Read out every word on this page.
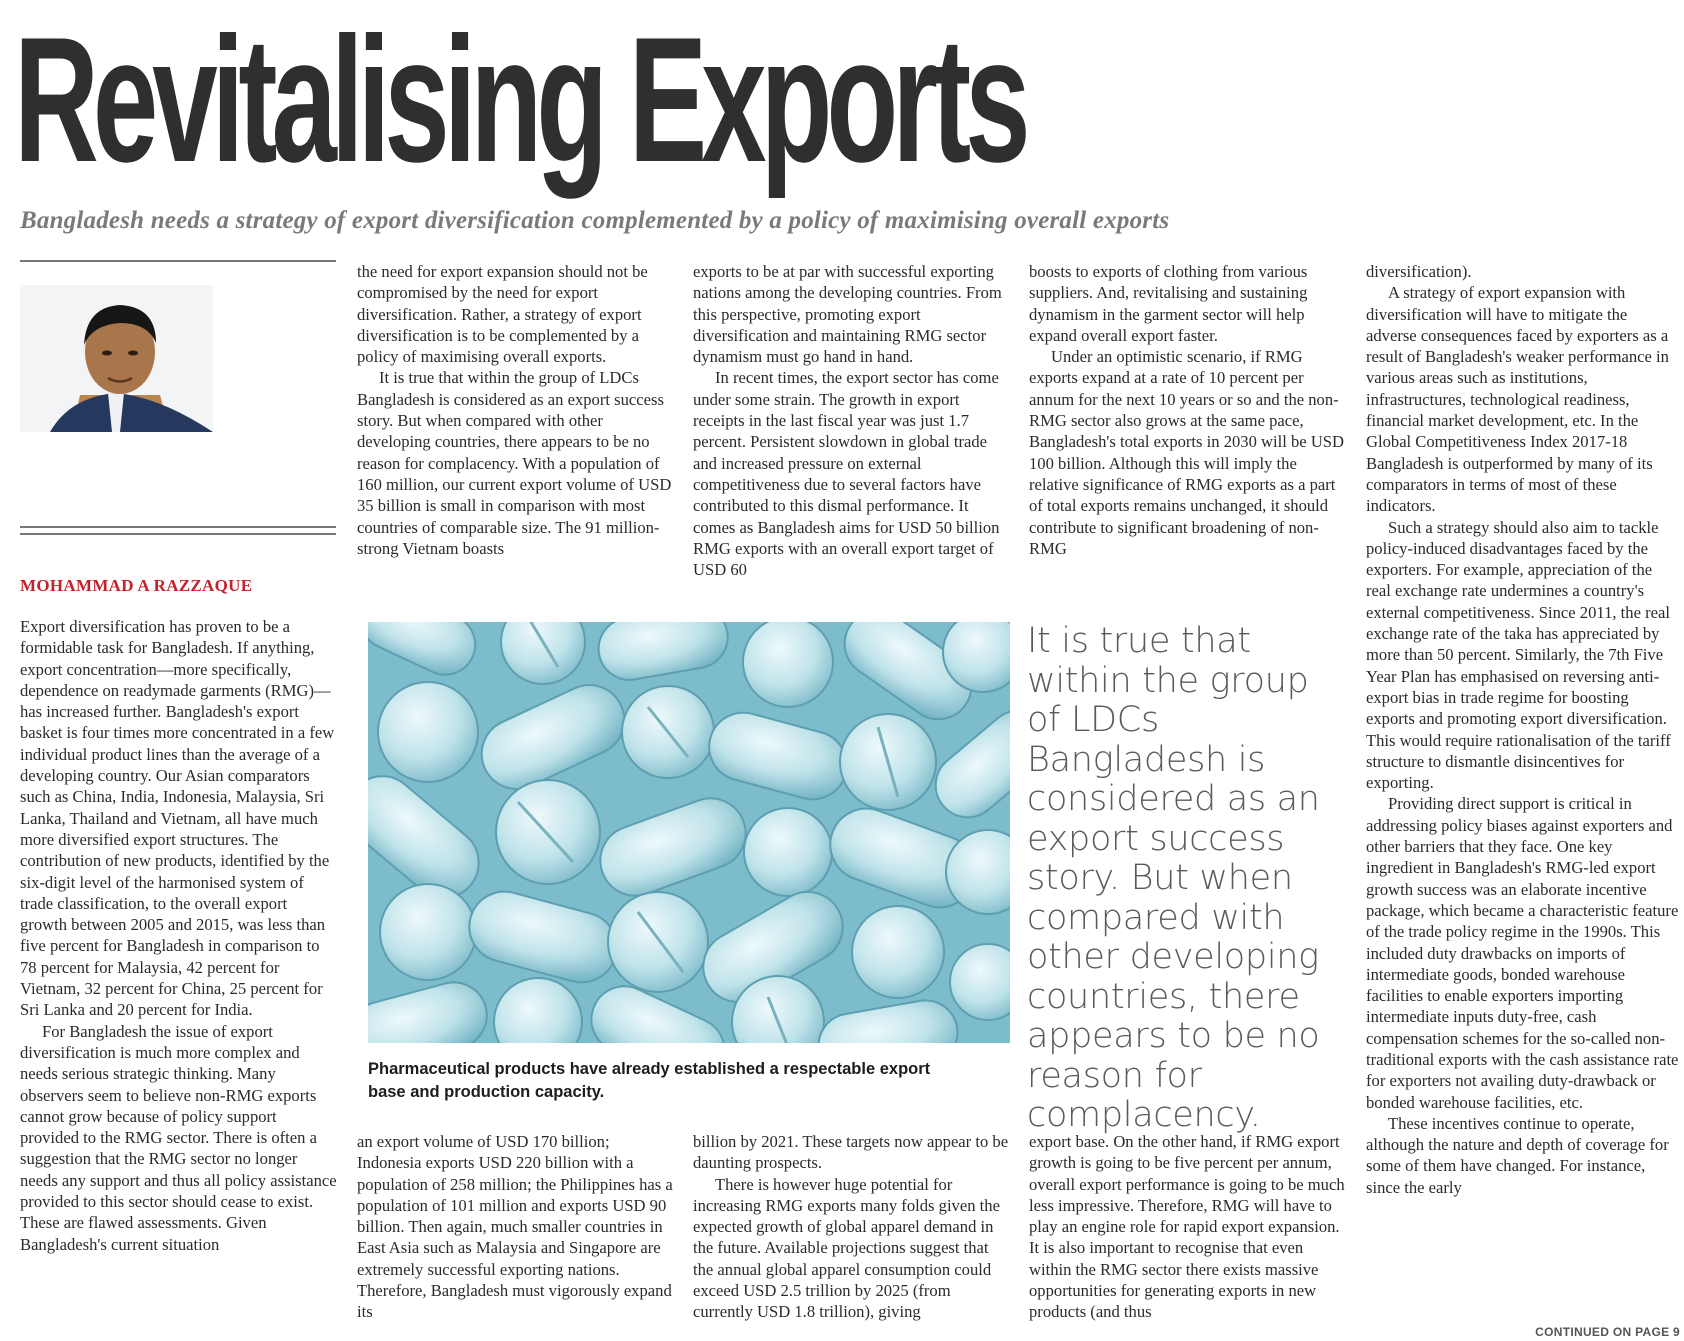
Revitalising Exports
Bangladesh needs a strategy of export diversification complemented by a policy of maximising overall exports
MOHAMMAD A RAZZAQUE

Export diversification has proven to be a formidable task for Bangladesh. If anything, export concentration—more specifically, dependence on readymade garments (RMG)—has increased further. Bangladesh's export basket is four times more concentrated in a few individual product lines than the average of a developing country. Our Asian comparators such as China, India, Indonesia, Malaysia, Sri Lanka, Thailand and Vietnam, all have much more diversified export structures. The contribution of new products, identified by the six-digit level of the harmonised system of trade classification, to the overall export growth between 2005 and 2015, was less than five percent for Bangladesh in comparison to 78 percent for Malaysia, 42 percent for Vietnam, 32 percent for China, 25 percent for Sri Lanka and 20 percent for India.

For Bangladesh the issue of export diversification is much more complex and needs serious strategic thinking. Many observers seem to believe non-RMG exports cannot grow because of policy support provided to the RMG sector. There is often a suggestion that the RMG sector no longer needs any support and thus all policy assistance provided to this sector should cease to exist. These are flawed assessments. Given Bangladesh's current situation

the need for export expansion should not be compromised by the need for export diversification. Rather, a strategy of export diversification is to be complemented by a policy of maximising overall exports.

It is true that within the group of LDCs Bangladesh is considered as an export success story. But when compared with other developing countries, there appears to be no reason for complacency. With a population of 160 million, our current export volume of USD 35 billion is small in comparison with most countries of comparable size. The 91 million-strong Vietnam boasts

exports to be at par with successful exporting nations among the developing countries. From this perspective, promoting export diversification and maintaining RMG sector dynamism must go hand in hand.

In recent times, the export sector has come under some strain. The growth in export receipts in the last fiscal year was just 1.7 percent. Persistent slowdown in global trade and increased pressure on external competitiveness due to several factors have contributed to this dismal performance. It comes as Bangladesh aims for USD 50 billion RMG exports with an overall export target of USD 60

boosts to exports of clothing from various suppliers. And, revitalising and sustaining dynamism in the garment sector will help expand overall export faster.

Under an optimistic scenario, if RMG exports expand at a rate of 10 percent per annum for the next 10 years or so and the non-RMG sector also grows at the same pace, Bangladesh's total exports in 2030 will be USD 100 billion. Although this will imply the relative significance of RMG exports as a part of total exports remains unchanged, it should contribute to significant broadening of non-RMG

diversification).

A strategy of export expansion with diversification will have to mitigate the adverse consequences faced by exporters as a result of Bangladesh's weaker performance in various areas such as institutions, infrastructures, technological readiness, financial market development, etc. In the Global Competitiveness Index 2017-18 Bangladesh is outperformed by many of its comparators in terms of most of these indicators.

Such a strategy should also aim to tackle policy-induced disadvantages faced by the exporters. For example, appreciation of the real exchange rate undermines a country's external competitiveness. Since 2011, the real exchange rate of the taka has appreciated by more than 50 percent. Similarly, the 7th Five Year Plan has emphasised on reversing anti-export bias in trade regime for boosting exports and promoting export diversification. This would require rationalisation of the tariff structure to dismantle disincentives for exporting.

Providing direct support is critical in addressing policy biases against exporters and other barriers that they face. One key ingredient in Bangladesh's RMG-led export growth success was an elaborate incentive package, which became a characteristic feature of the trade policy regime in the 1990s. This included duty drawbacks on imports of intermediate goods, bonded warehouse facilities to enable exporters importing intermediate inputs duty-free, cash compensation schemes for the so-called non-traditional exports with the cash assistance rate for exporters not availing duty-drawback or bonded warehouse facilities, etc.

These incentives continue to operate, although the nature and depth of coverage for some of them have changed. For instance, since the early

Pharmaceutical products have already established a respectable export base and production capacity.

It is true that within the group of LDCs Bangladesh is considered as an export success story. But when compared with other developing countries, there appears to be no reason for complacency.

an export volume of USD 170 billion; Indonesia exports USD 220 billion with a population of 258 million; the Philippines has a population of 101 million and exports USD 90 billion. Then again, much smaller countries in East Asia such as Malaysia and Singapore are extremely successful exporting nations. Therefore, Bangladesh must vigorously expand its

billion by 2021. These targets now appear to be daunting prospects.

There is however huge potential for increasing RMG exports many folds given the expected growth of global apparel demand in the future. Available projections suggest that the annual global apparel consumption could exceed USD 2.5 trillion by 2025 (from currently USD 1.8 trillion), giving

export base. On the other hand, if RMG export growth is going to be five percent per annum, overall export performance is going to be much less impressive. Therefore, RMG will have to play an engine role for rapid export expansion. It is also important to recognise that even within the RMG sector there exists massive opportunities for generating exports in new products (and thus

CONTINUED ON PAGE 9
